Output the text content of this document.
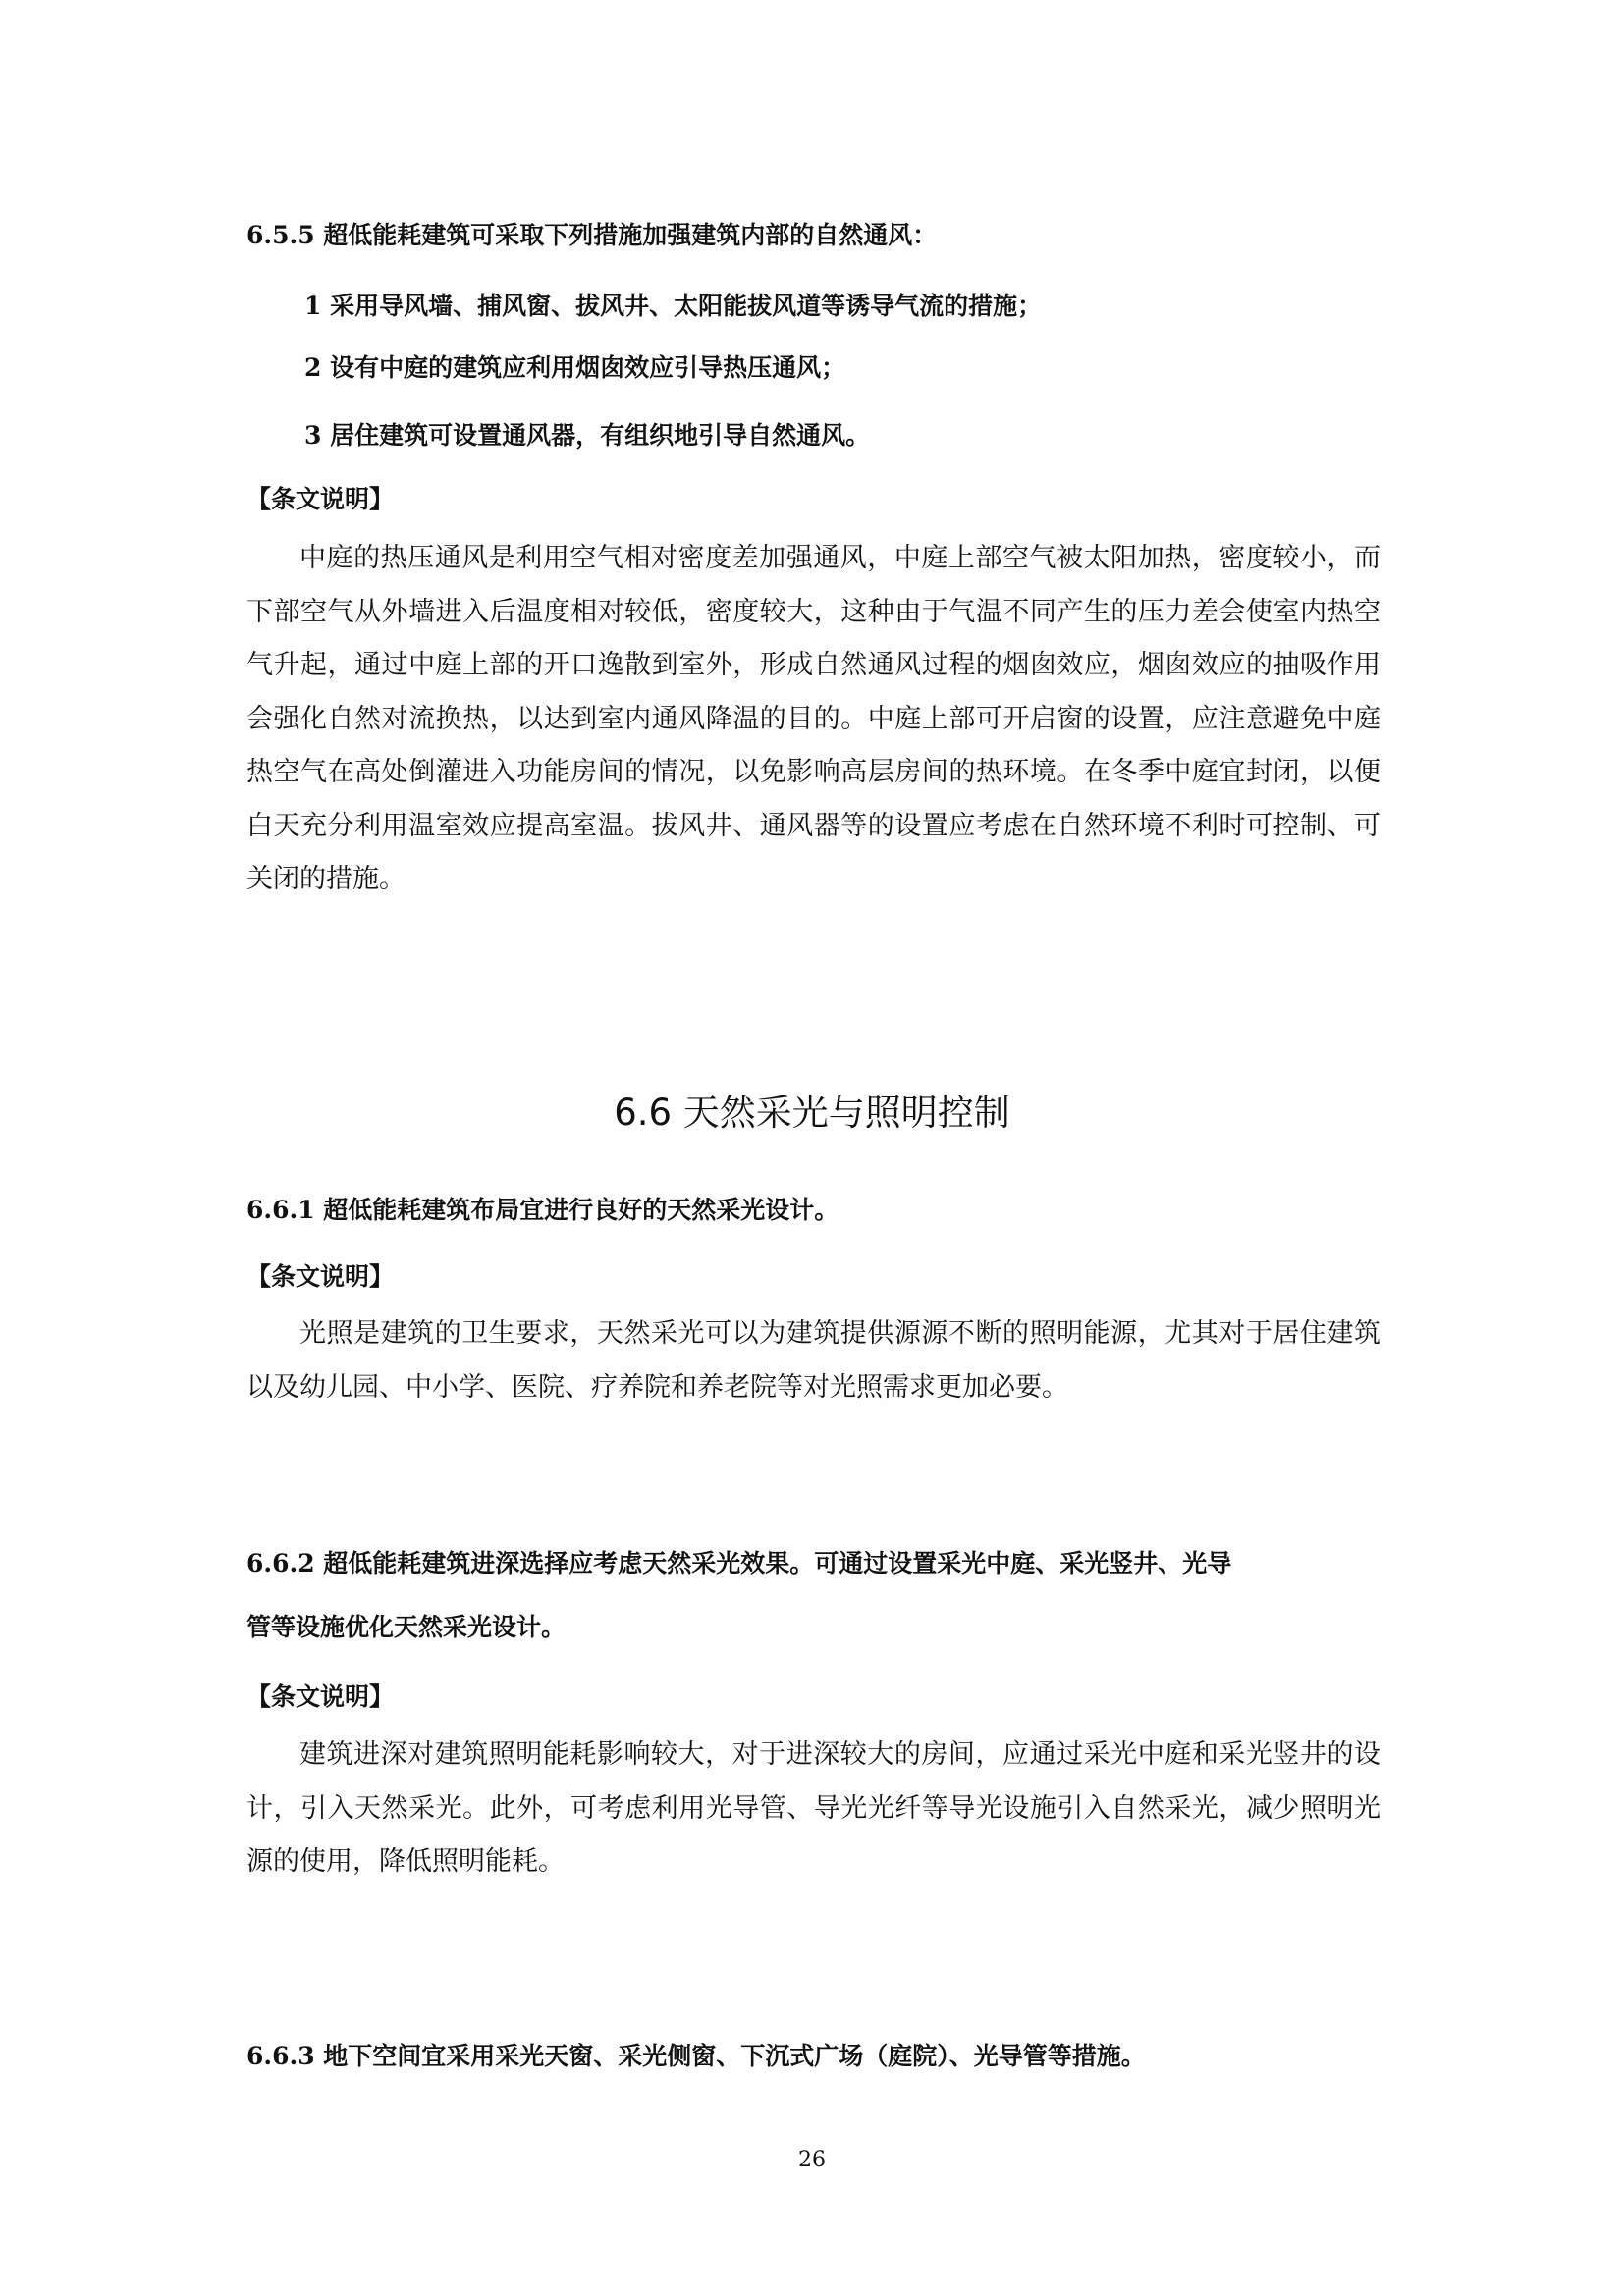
6.5.5 超低能耗建筑可采取下列措施加强建筑内部的自然通风：
1 采用导风墙、捕风窗、拔风井、太阳能拔风道等诱导气流的措施；
2 设有中庭的建筑应利用烟囱效应引导热压通风；
3 居住建筑可设置通风器，有组织地引导自然通风。
【条文说明】

中庭的热压通风是利用空气相对密度差加强通风，中庭上部空气被太阳加热，密度较小，而下部空气从外墙进入后温度相对较低，密度较大，这种由于气温不同产生的压力差会使室内热空气升起，通过中庭上部的开口逸散到室外，形成自然通风过程的烟囱效应，烟囱效应的抽吸作用会强化自然对流换热，以达到室内通风降温的目的。中庭上部可开启窗的设置，应注意避免中庭热空气在高处倒灌进入功能房间的情况，以免影响高层房间的热环境。在冬季中庭宜封闭，以便白天充分利用温室效应提高室温。拔风井、通风器等的设置应考虑在自然环境不利时可控制、可关闭的措施。

6.6 天然采光与照明控制
6.6.1 超低能耗建筑布局宜进行良好的天然采光设计。
【条文说明】

光照是建筑的卫生要求，天然采光可以为建筑提供源源不断的照明能源，尤其对于居住建筑以及幼儿园、中小学、医院、疗养院和养老院等对光照需求更加必要。

6.6.2 超低能耗建筑进深选择应考虑天然采光效果。可通过设置采光中庭、采光竖井、光导
管等设施优化天然采光设计。
【条文说明】

建筑进深对建筑照明能耗影响较大，对于进深较大的房间，应通过采光中庭和采光竖井的设计，引入天然采光。此外，可考虑利用光导管、导光光纤等导光设施引入自然采光，减少照明光源的使用，降低照明能耗。

6.6.3 地下空间宜采用采光天窗、采光侧窗、下沉式广场（庭院）、光导管等措施。
26
